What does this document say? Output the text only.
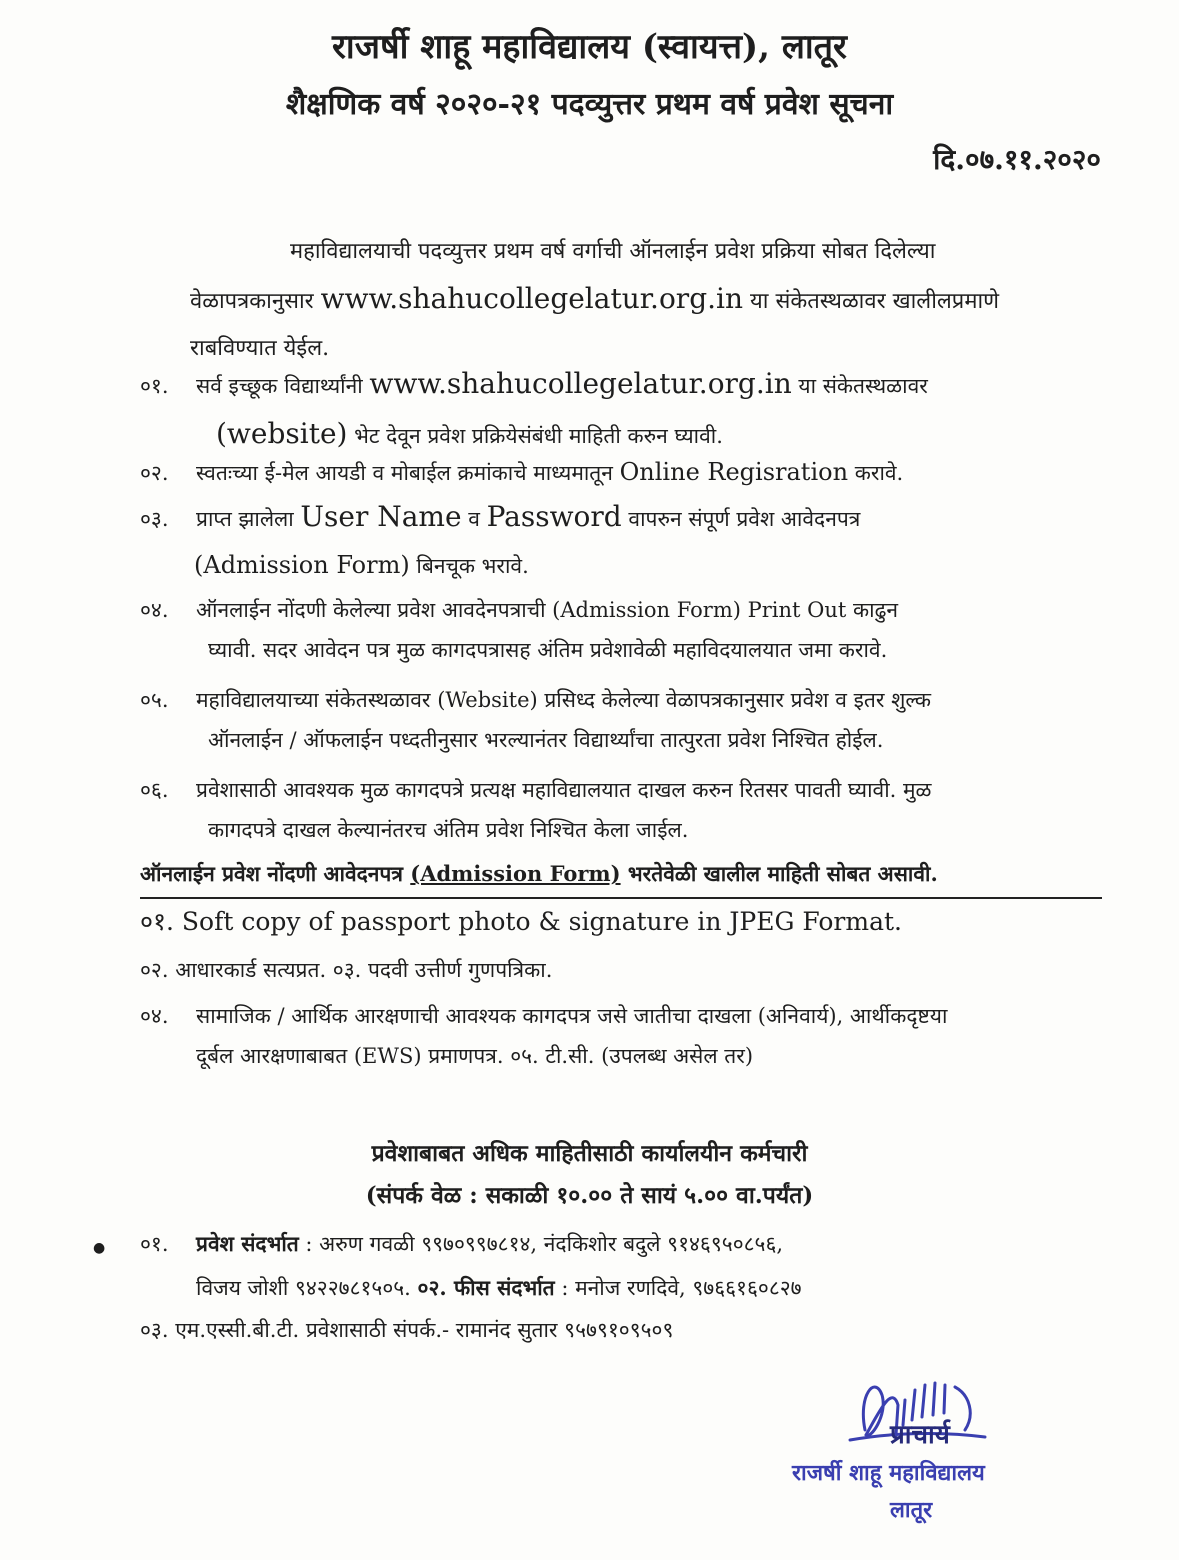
राजर्षी शाहू महाविद्यालय (स्वायत्त), लातूर
शैक्षणिक वर्ष २०२०-२१ पदव्युत्तर प्रथम वर्ष प्रवेश सूचना
दि.०७.११.२०२०
महाविद्यालयाची पदव्युत्तर प्रथम वर्ष वर्गाची ऑनलाईन प्रवेश प्रक्रिया सोबत दिलेल्या
वेळापत्रकानुसार www.shahucollegelatur.org.in या संकेतस्थळावर खालीलप्रमाणे
राबविण्यात येईल.
०१. सर्व इच्छूक विद्यार्थ्यांनी www.shahucollegelatur.org.in या संकेतस्थळावर
(website) भेट देवून प्रवेश प्रक्रियेसंबंधी माहिती करुन घ्यावी.
०२. स्वतःच्या ई-मेल आयडी व मोबाईल क्रमांकाचे माध्यमातून Online Regisration करावे.
०३. प्राप्त झालेला User Name व Password वापरुन संपूर्ण प्रवेश आवेदनपत्र
(Admission Form) बिनचूक भरावे.
०४. ऑनलाईन नोंदणी केलेल्या प्रवेश आवदेनपत्राची (Admission Form) Print Out काढुन
घ्यावी. सदर आवेदन पत्र मुळ कागदपत्रासह अंतिम प्रवेशावेळी महाविदयालयात जमा करावे.
०५. महाविद्यालयाच्या संकेतस्थळावर (Website) प्रसिध्द केलेल्या वेळापत्रकानुसार प्रवेश व इतर शुल्क
ऑनलाईन / ऑफलाईन पध्दतीनुसार भरल्यानंतर विद्यार्थ्यांचा तात्पुरता प्रवेश निश्चित होईल.
०६. प्रवेशासाठी आवश्यक मुळ कागदपत्रे प्रत्यक्ष महाविद्यालयात दाखल करुन रितसर पावती घ्यावी. मुळ
कागदपत्रे दाखल केल्यानंतरच अंतिम प्रवेश निश्चित केला जाईल.
ऑनलाईन प्रवेश नोंदणी आवेदनपत्र (Admission Form) भरतेवेळी खालील माहिती सोबत असावी.
०१. Soft copy of passport photo & signature in JPEG Format.
०२. आधारकार्ड सत्यप्रत. ०३. पदवी उत्तीर्ण गुणपत्रिका.
०४. सामाजिक / आर्थिक आरक्षणाची आवश्यक कागदपत्र जसे जातीचा दाखला (अनिवार्य), आर्थीकदृष्टया
दूर्बल आरक्षणाबाबत (EWS) प्रमाणपत्र. ०५. टी.सी. (उपलब्ध असेल तर)
प्रवेशाबाबत अधिक माहितीसाठी कार्यालयीन कर्मचारी
(संपर्क वेळ : सकाळी १०.०० ते सायं ५.०० वा.पर्यंत)
● ०१. प्रवेश संदर्भात : अरुण गवळी ९९७०९९७८१४, नंदकिशोर बदुले ९१४६९५०८५६,
विजय जोशी ९४२२७८१५०५. ०२. फीस संदर्भात : मनोज रणदिवे, ९७६६१६०८२७
०३. एम.एस्सी.बी.टी. प्रवेशासाठी संपर्क.- रामानंद सुतार ९५७९१०९५०९
प्राचार्य
राजर्षी शाहू महाविद्यालय
लातूर
